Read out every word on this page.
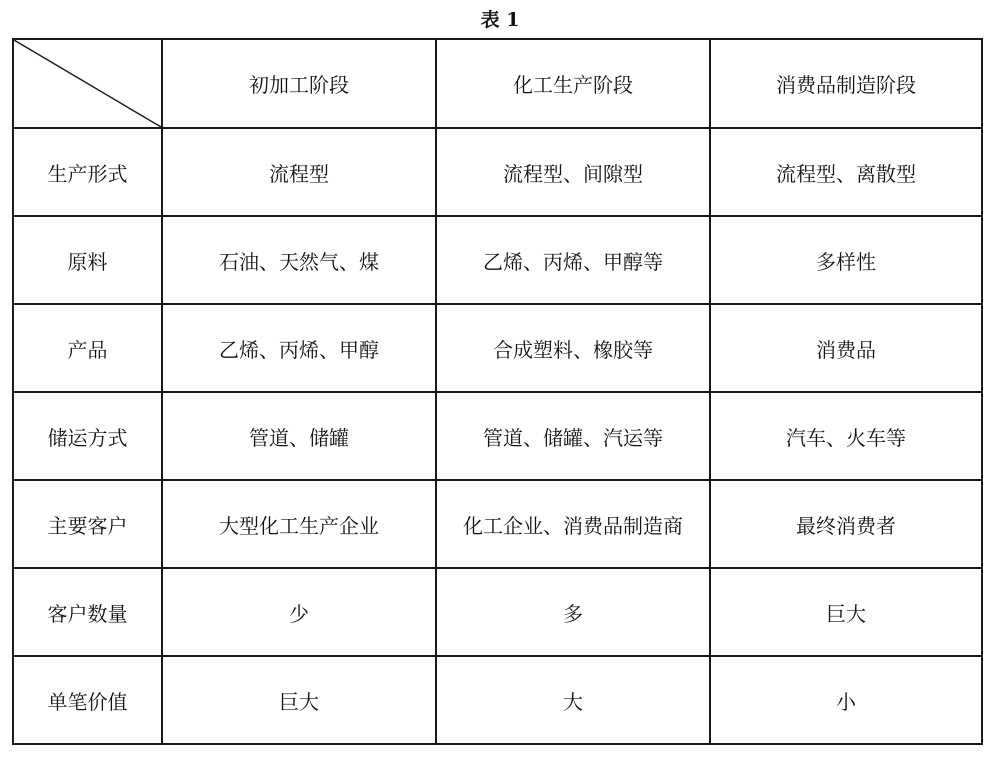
表 1
	初加工阶段	化工生产阶段	消费品制造阶段
生产形式	流程型	流程型、间隙型	流程型、离散型
原料	石油、天然气、煤	乙烯、丙烯、甲醇等	多样性
产品	乙烯、丙烯、甲醇	合成塑料、橡胶等	消费品
储运方式	管道、储罐	管道、储罐、汽运等	汽车、火车等
主要客户	大型化工生产企业	化工企业、消费品制造商	最终消费者
客户数量	少	多	巨大
单笔价值	巨大	大	小
